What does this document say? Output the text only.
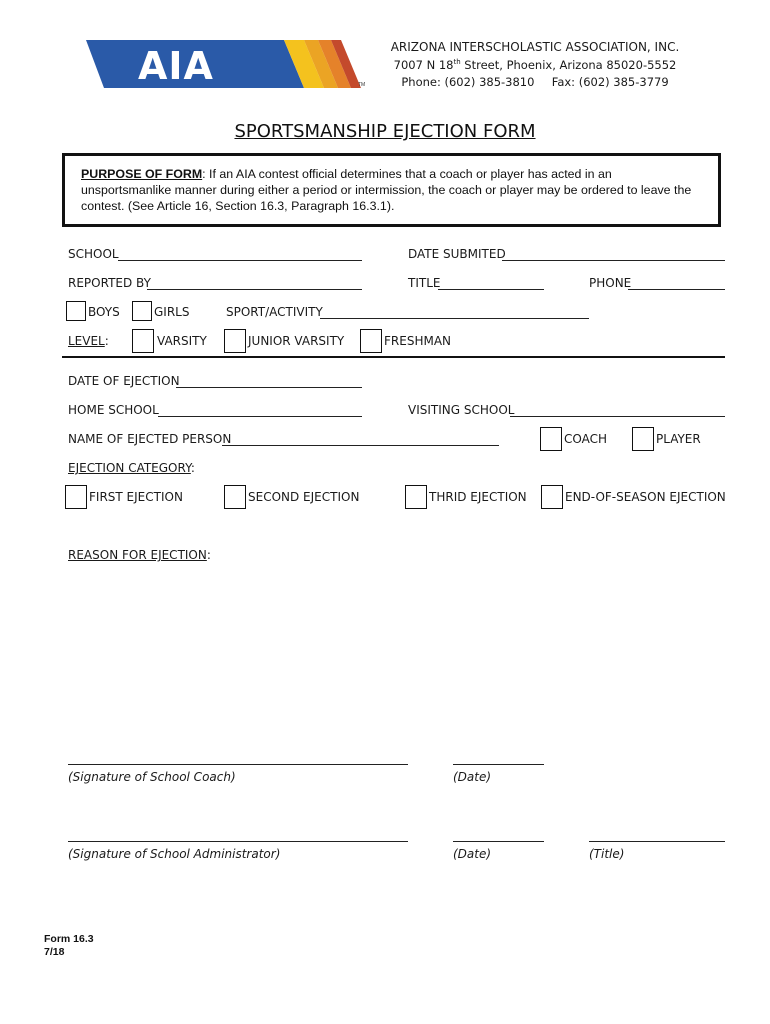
AIA	TM
ARIZONA INTERSCHOLASTIC ASSOCIATION, INC.
7007 N 18th Street, Phoenix, Arizona 85020-5552
Phone: (602) 385-3810 Fax: (602) 385-3779
SPORTSMANSHIP EJECTION FORM
PURPOSE OF FORM: If an AIA contest official determines that a coach or player has acted in an unsportsmanlike manner during either a period or intermission, the coach or player may be ordered to leave the contest. (See Article 16, Section 16.3, Paragraph 16.3.1).
SCHOOL	DATE SUBMITED
REPORTED BY	TITLE	PHONE
BOYS	GIRLS	SPORT/ACTIVITY
LEVEL:	VARSITY	JUNIOR VARSITY	FRESHMAN
DATE OF EJECTION
HOME SCHOOL	VISITING SCHOOL
NAME OF EJECTED PERSON	COACH	PLAYER
EJECTION CATEGORY:
FIRST EJECTION	SECOND EJECTION	THRID EJECTION	END-OF-SEASON EJECTION
REASON FOR EJECTION:
(Signature of School Coach)	(Date)
(Signature of School Administrator)	(Date)	(Title)
Form 16.3
7/18
